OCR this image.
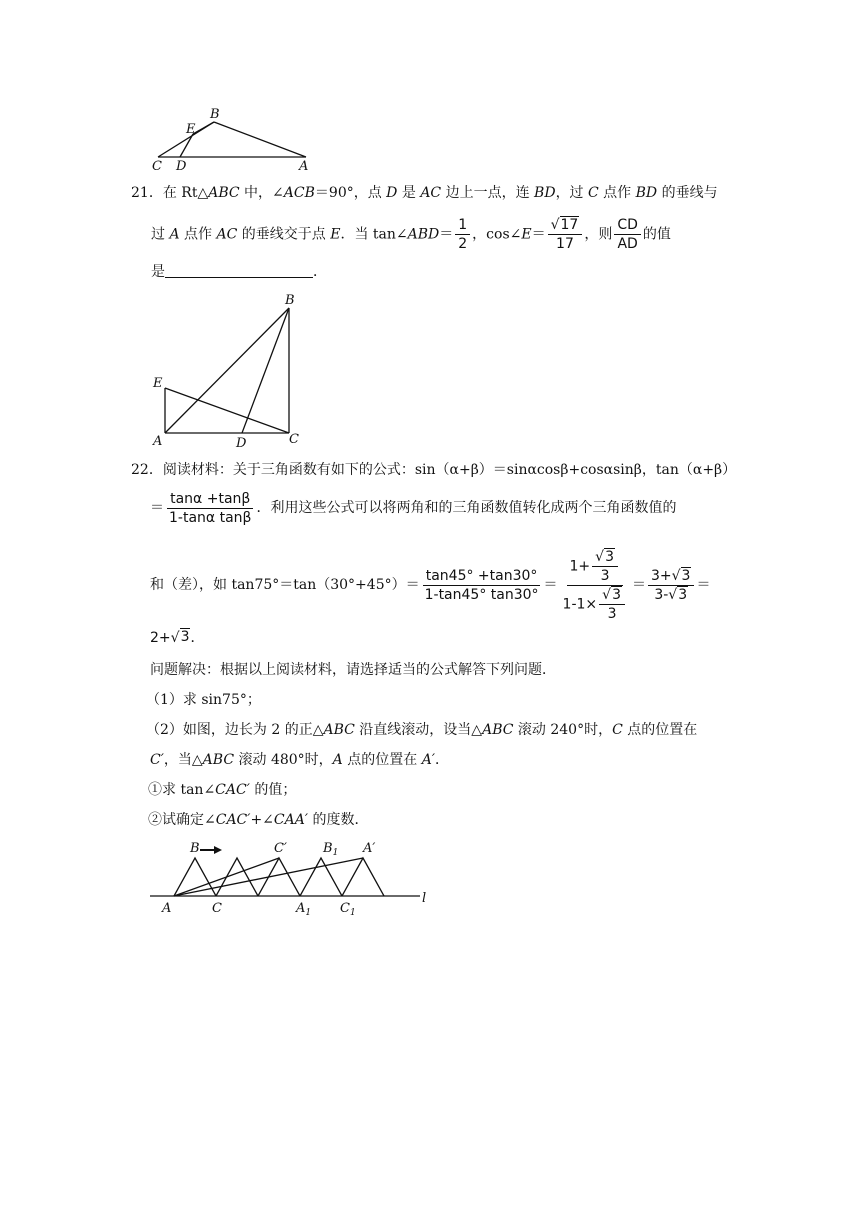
B
E
C D	A
21．在 Rt△ABC 中，∠ACB＝90°，点 D 是 AC 边上一点，连 BD，过 C 点作 BD 的垂线与
过 A 点作 AC 的垂线交于点 E．当 tan∠ABD＝ $\frac{1}{2}$ ，cos∠E＝ $\frac{√ 17}{17}$ ，则 $\frac{CD}{AD}$ 的值
是	．
B
E
A	D	C
22．阅读材料：关于三角函数有如下的公式：sin（α+β）＝sinαcosβ+cosαsinβ，tan（α+β）
＝ $\frac{\tan\alpha +\tan\beta}{\text{1-tanα tanβ}}$ ．利用这些公式可以将两角和的三角函数值转化成两个三角函数值的
和（差），如 $\tan 75^\circ=\tan(30^\circ+45^\circ)= \frac{\tan 45^\circ +\tan 30^\circ}{1-\tan 45^\circ \tan 30^\circ} = \frac{1+ \frac{√ 3}{3}}{1-1\times \frac{√ 3}{3}} = \frac{3+√ 3}{3-√ 3}$ ＝
2+√ 3 ．
问题解决：根据以上阅读材料，请选择适当的公式解答下列问题．
（1）求 sin75°；
（2）如图，边长为 2 的正△ABC 沿直线滚动，设当△ABC 滚动 240°时，C 点的位置在
C′，当△ABC 滚动 480°时，A 点的位置在 A′．
①求 tan∠CAC′ 的值；
②试确定∠CAC′+∠CAA′ 的度数．
B	C′	$B_1$ A′
A	C	$A_1$ $C_1$
l
